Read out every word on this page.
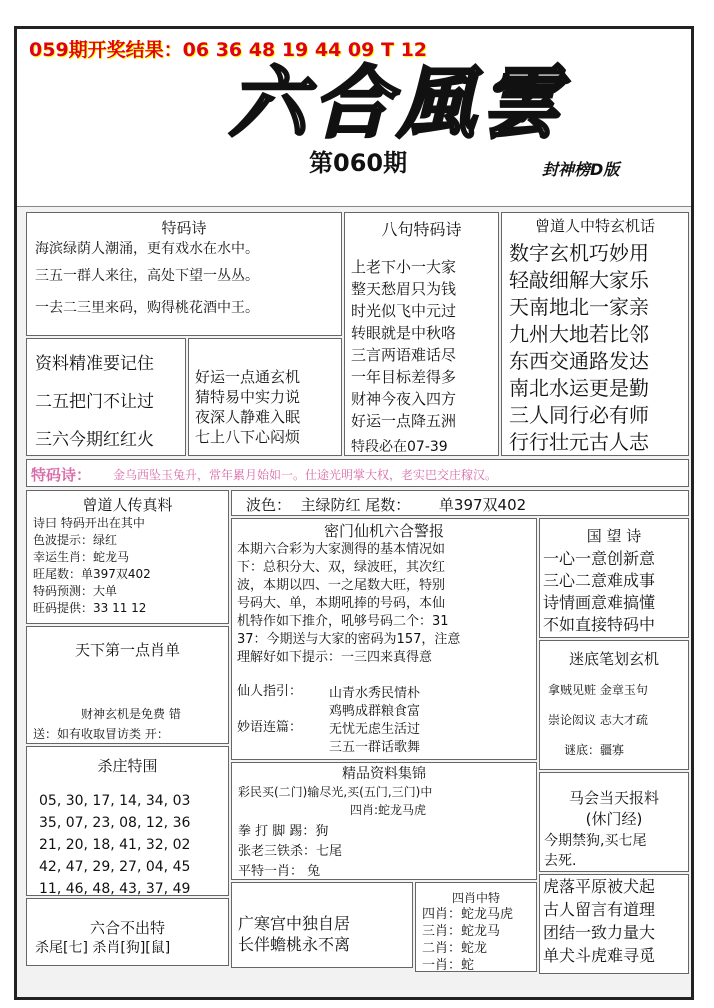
059期开奖结果：06 36 48 19 44 09 T 12
六合風雲
第060期	封神榜D版
特码诗
海滨绿荫人潮涌，更有戏水在水中。
三五一群人来往，高处下望一丛丛。
一去二三里来码，购得桃花酒中王。
八句特码诗
上老下小一大家
整天愁眉只为钱
时光似飞中元过
转眼就是中秋咯
三言两语难话尽
一年目标差得多
财神今夜入四方
好运一点降五洲
特段必在07-39
曾道人中特玄机话
数字玄机巧妙用
轻敲细解大家乐
天南地北一家亲
九州大地若比邻
东西交通路发达
南北水运更是勤
三人同行必有师
行行壮元古人志
资料精准要记住
二五把门不让过
三六今期红红火
好运一点通玄机
猜特易中实力说
夜深人静难入眠
七上八下心闷烦
特码诗： 金乌西坠玉兔升，常年累月始如一。仕途光明掌大权，老实巴交庄稼汉。
曾道人传真料
诗曰 特码开出在其中
色波提示：绿红
幸运生肖：蛇龙马
旺尾数：单397双402
特码预测：大单
旺码提供：33 11 12
波色：  主绿防红 尾数：      单397双402
密门仙机六合警报
本期六合彩为大家测得的基本情况如
下：总积分大、双，绿波旺，其次红
波，本期以四、一之尾数大旺，特别
号码大、单，本期吼捧的号码，本仙
机特作如下推介，吼够号码二个：31
37：今期送与大家的密码为157，注意
理解好如下提示：一三四来真得意
仙人指引： 山青水秀民情朴
鸡鸭成群粮食富
妙语连篇： 无忧无虑生活过
三五一群话歌舞
国 望 诗
一心一意创新意
三心二意难成事
诗情画意难搞懂
不如直接特码中
迷底笔划玄机
拿贼见赃 金章玉句
崇论闳议 志大才疏
谜底：疆寡
天下第一点肖单
财神玄机是免费 错
送：如有收取冒访类 开：
杀庄特围
05, 30, 17, 14, 34, 03
35, 07, 23, 08, 12, 36
21, 20, 18, 41, 32, 02
42, 47, 29, 27, 04, 45
11, 46, 48, 43, 37, 49
精品资料集锦
彩民买(二门)输尽光,买(五门,三门)中
四肖:蛇龙马虎
拳 打 脚 踢：狗
张老三铁杀：七尾
平特一肖： 兔
马会当天报料
(休门经)
今期禁狗,买七尾
去死.
虎落平原被犬起
古人留言有道理
团结一致力量大
单犬斗虎难寻觅
六合不出特
杀尾[七] 杀肖[狗][鼠]
广寒宫中独自居
长伴蟾桃永不离
四肖中特
四肖：蛇龙马虎
三肖：蛇龙马
二肖：蛇龙
一肖：蛇
